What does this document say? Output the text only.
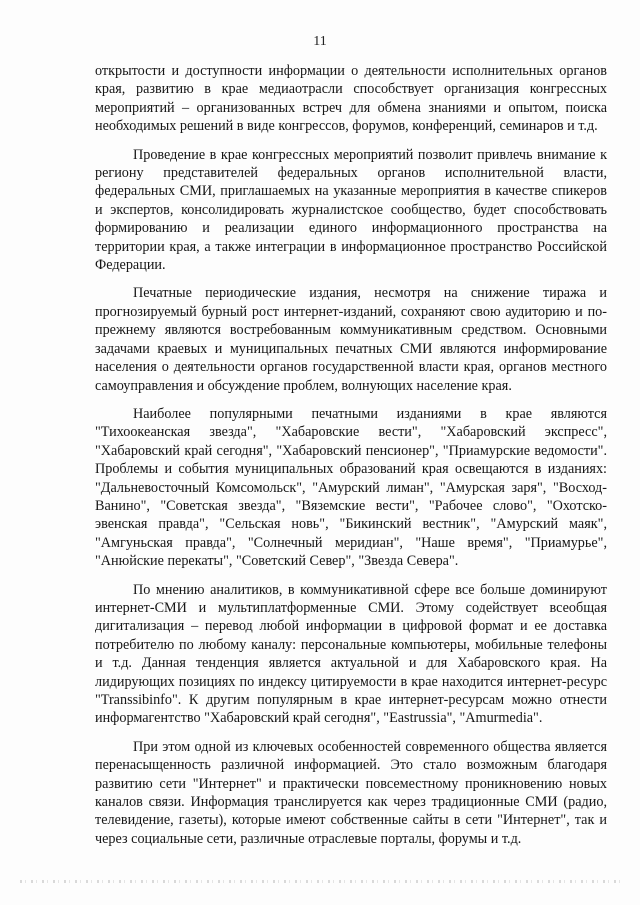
11

открытости и доступности информации о деятельности исполнительных органов края, развитию в крае медиаотрасли способствует организация конгрессных мероприятий – организованных встреч для обмена знаниями и опытом, поиска необходимых решений в виде конгрессов, форумов, конференций, семинаров и т.д.

Проведение в крае конгрессных мероприятий позволит привлечь внимание к региону представителей федеральных органов исполнительной власти, федеральных СМИ, приглашаемых на указанные мероприятия в качестве спикеров и экспертов, консолидировать журналистское сообщество, будет способствовать формированию и реализации единого информационного пространства на территории края, а также интеграции в информационное пространство Российской Федерации.

Печатные периодические издания, несмотря на снижение тиража и прогнозируемый бурный рост интернет-изданий, сохраняют свою аудиторию и по-прежнему являются востребованным коммуникативным средством. Основными задачами краевых и муниципальных печатных СМИ являются информирование населения о деятельности органов государственной власти края, органов местного самоуправления и обсуждение проблем, волнующих население края.

Наиболее популярными печатными изданиями в крае являются "Тихоокеанская звезда", "Хабаровские вести", "Хабаровский экспресс", "Хабаровский край сегодня", "Хабаровский пенсионер", "Приамурские ведомости". Проблемы и события муниципальных образований края освещаются в изданиях: "Дальневосточный Комсомольск", "Амурский лиман", "Амурская заря", "Восход-Ванино", "Советская звезда", "Вяземские вести", "Рабочее слово", "Охотско-эвенская правда", "Сельская новь", "Бикинский вестник", "Амурский маяк", "Амгуньская правда", "Солнечный меридиан", "Наше время", "Приамурье", "Анюйские перекаты", "Советский Север", "Звезда Севера".

По мнению аналитиков, в коммуникативной сфере все больше доминируют интернет-СМИ и мультиплатформенные СМИ. Этому содействует всеобщая дигитализация – перевод любой информации в цифровой формат и ее доставка потребителю по любому каналу: персональные компьютеры, мобильные телефоны и т.д. Данная тенденция является актуальной и для Хабаровского края. На лидирующих позициях по индексу цитируемости в крае находится интернет-ресурс "Transsibinfo". К другим популярным в крае интернет-ресурсам можно отнести информагентство "Хабаровский край сегодня", "Eastrussia", "Amurmedia".

При этом одной из ключевых особенностей современного общества является перенасыщенность различной информацией. Это стало возможным благодаря развитию сети "Интернет" и практически повсеместному проникновению новых каналов связи. Информация транслируется как через традиционные СМИ (радио, телевидение, газеты), которые имеют собственные сайты в сети "Интернет", так и через социальные сети, различные отраслевые порталы, форумы и т.д.
